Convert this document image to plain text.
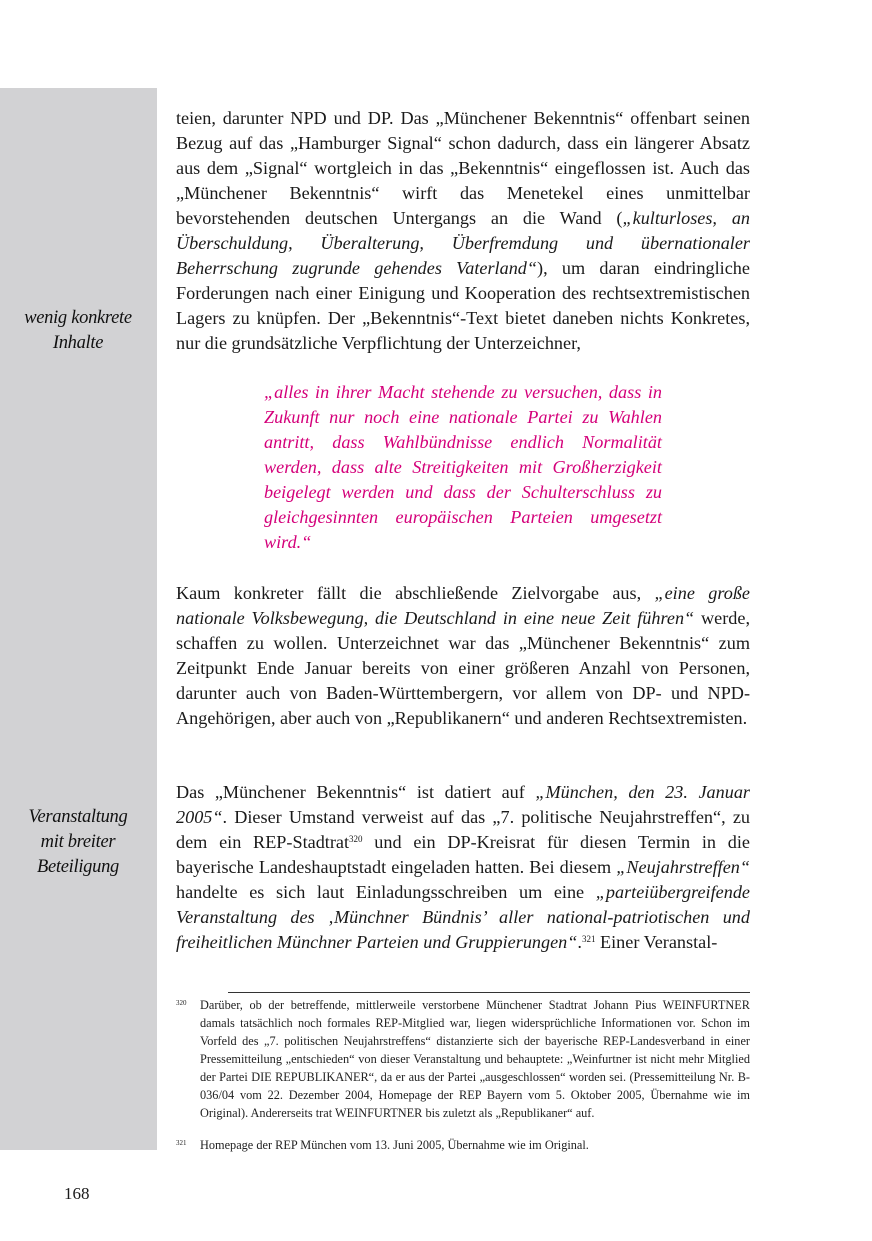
wenig konkrete
Inhalte
Veranstaltung
mit breiter
Beteiligung

teien, darunter NPD und DP. Das „Münchener Bekenntnis“ offenbart seinen Bezug auf das „Hamburger Signal“ schon dadurch, dass ein längerer Absatz aus dem „Signal“ wortgleich in das „Bekenntnis“ eingeflossen ist. Auch das „Münchener Bekenntnis“ wirft das Menetekel eines unmittelbar bevorstehenden deutschen Untergangs an die Wand („kulturloses, an Überschuldung, Überalterung, Überfremdung und übernationaler Beherrschung zugrunde gehendes Vaterland“), um daran eindringliche Forderungen nach einer Einigung und Kooperation des rechtsextremistischen Lagers zu knüpfen. Der „Bekenntnis“-Text bietet daneben nichts Konkretes, nur die grundsätzliche Verpflichtung der Unterzeichner,

„alles in ihrer Macht stehende zu versuchen, dass in Zukunft nur noch eine nationale Partei zu Wahlen antritt, dass Wahlbündnisse endlich Normalität werden, dass alte Streitigkeiten mit Großherzigkeit beigelegt werden und dass der Schulterschluss zu gleichgesinnten europäischen Parteien umgesetzt wird.“

Kaum konkreter fällt die abschließende Zielvorgabe aus, „eine große nationale Volksbewegung, die Deutschland in eine neue Zeit führen“ werde, schaffen zu wollen. Unterzeichnet war das „Münchener Bekenntnis“ zum Zeitpunkt Ende Januar bereits von einer größeren Anzahl von Personen, darunter auch von Baden-Württembergern, vor allem von DP- und NPD-Angehörigen, aber auch von „Republikanern“ und anderen Rechtsextremisten.

Das „Münchener Bekenntnis“ ist datiert auf „München, den 23. Januar 2005“. Dieser Umstand verweist auf das „7. politische Neujahrstreffen“, zu dem ein REP-Stadtrat$^{320}$ und ein DP-Kreisrat für diesen Termin in die bayerische Landeshauptstadt eingeladen hatten. Bei diesem „Neujahrstreffen“ handelte es sich laut Einladungsschreiben um eine „parteiübergreifende Veranstaltung des ‚Münchner Bündnis’ aller national-patriotischen und freiheitlichen Münchner Parteien und Gruppierungen“.$^{321}$ Einer Veranstal-

320 Darüber, ob der betreffende, mittlerweile verstorbene Münchener Stadtrat Johann Pius WEINFURTNER damals tatsächlich noch formales REP-Mitglied war, liegen widersprüchliche Informationen vor. Schon im Vorfeld des „7. politischen Neujahrstreffens“ distanzierte sich der bayerische REP-Landesverband in einer Pressemitteilung „entschieden“ von dieser Veranstaltung und behauptete: „Weinfurtner ist nicht mehr Mitglied der Partei DIE REPUBLIKANER“, da er aus der Partei „ausgeschlossen“ worden sei. (Pressemitteilung Nr. B-036/04 vom 22. Dezember 2004, Homepage der REP Bayern vom 5. Oktober 2005, Übernahme wie im Original). Andererseits trat WEINFURTNER bis zuletzt als „Republikaner“ auf.
321 Homepage der REP München vom 13. Juni 2005, Übernahme wie im Original.
168
